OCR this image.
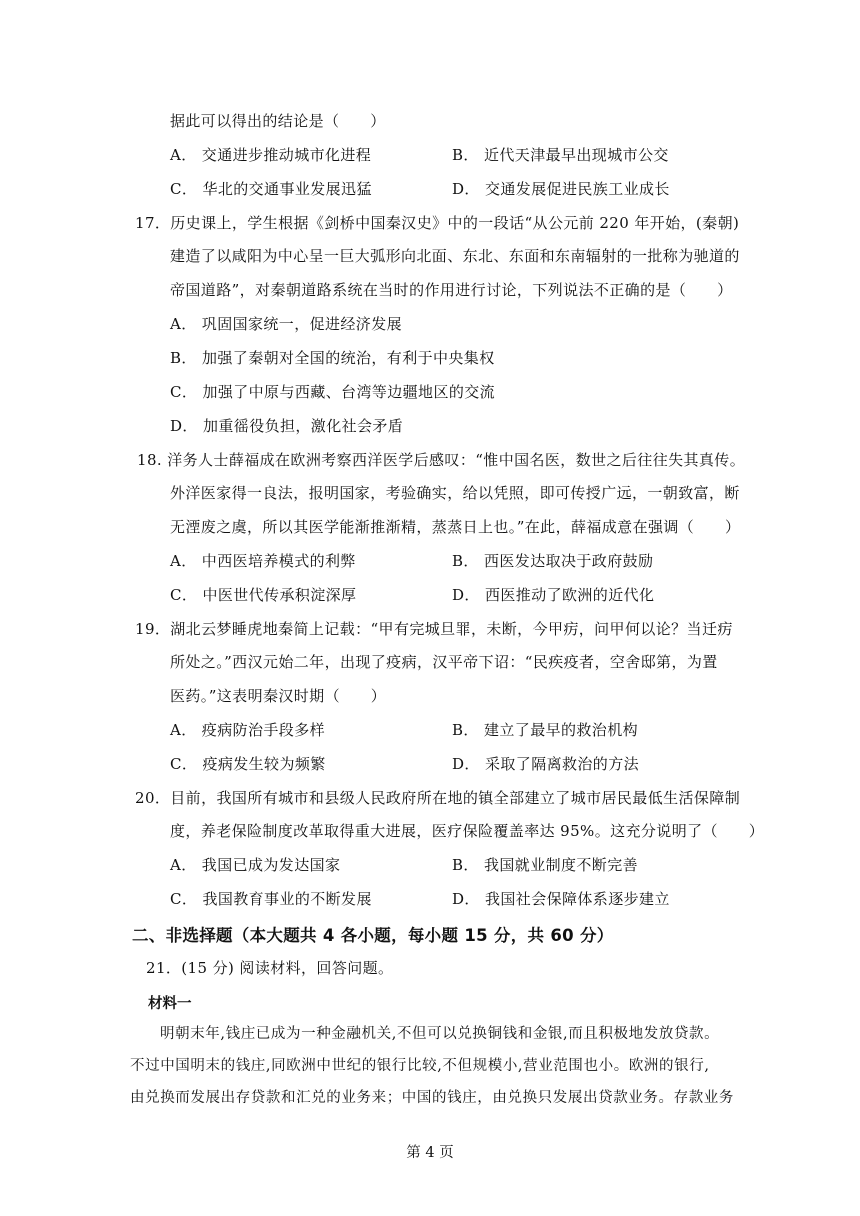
据此可以得出的结论是（　　）
A． 交通进步推动城市化进程	B． 近代天津最早出现城市公交
C． 华北的交通事业发展迅猛	D． 交通发展促进民族工业成长
17．历史课上，学生根据《剑桥中国秦汉史》中的一段话“从公元前 220 年开始，(秦朝)
建造了以咸阳为中心呈一巨大弧形向北面、东北、东面和东南辐射的一批称为驰道的
帝国道路”，对秦朝道路系统在当时的作用进行讨论，下列说法不正确的是（　　）
A． 巩固国家统一，促进经济发展
B． 加强了秦朝对全国的统治，有利于中央集权
C． 加强了中原与西藏、台湾等边疆地区的交流
D． 加重徭役负担，激化社会矛盾
18. 洋务人士薛福成在欧洲考察西洋医学后感叹：“惟中国名医，数世之后往往失其真传。
外洋医家得一良法，报明国家，考验确实，给以凭照，即可传授广远，一朝致富，断
无湮废之虞，所以其医学能渐推渐精，蒸蒸日上也。”在此，薛福成意在强调（　　）
A． 中西医培养模式的利弊	B． 西医发达取决于政府鼓励
C． 中医世代传承积淀深厚	D． 西医推动了欧洲的近代化
19．湖北云梦睡虎地秦简上记载：“甲有完城旦罪，未断，今甲疠，问甲何以论？当迁疠
所处之。”西汉元始二年，出现了疫病，汉平帝下诏：“民疾疫者，空舍邸第，为置
医药。”这表明秦汉时期（　　）
A． 疫病防治手段多样	B． 建立了最早的救治机构
C． 疫病发生较为频繁	D． 采取了隔离救治的方法
20．目前，我国所有城市和县级人民政府所在地的镇全部建立了城市居民最低生活保障制
度，养老保险制度改革取得重大进展，医疗保险覆盖率达 95%。这充分说明了（　　）
A． 我国已成为发达国家	B． 我国就业制度不断完善
C． 我国教育事业的不断发展	D． 我国社会保障体系逐步建立
二、非选择题（本大题共 4 各小题，每小题 15 分，共 60 分）
21．(15 分) 阅读材料，回答问题。
材料一
明朝末年,钱庄已成为一种金融机关,不但可以兑换铜钱和金银,而且积极地发放贷款。
不过中国明末的钱庄,同欧洲中世纪的银行比较,不但规模小,营业范围也小。欧洲的银行,
由兑换而发展出存贷款和汇兑的业务来；中国的钱庄，由兑换只发展出贷款业务。存款业务
第 4 页
